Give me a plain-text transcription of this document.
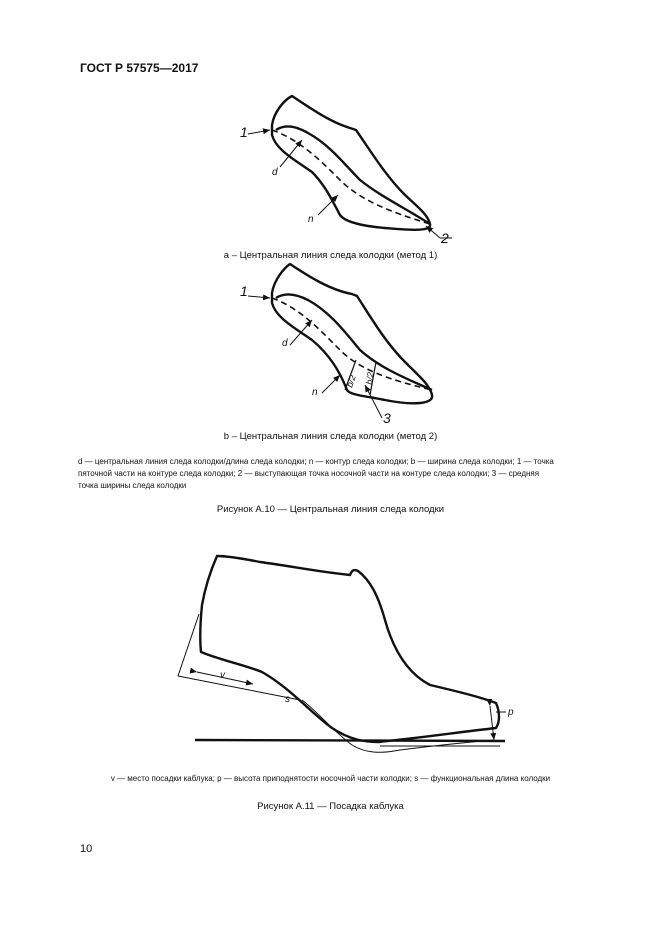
ГОСТ Р 57575—2017
1
d
n
2
1
d
n
b/2 b/2
3
v
s
p
a – Центральная линия следа колодки (метод 1)
b – Центральная линия следа колодки (метод 2)
d — центральная линия следа колодки/длина следа колодки; n — контур следа колодки; b — ширина следа колодки; 1 — точка
пяточной части на контуре следа колодки; 2 — выступающая точка носочной части на контуре следа колодки; 3 — средняя
точка ширины следа колодки
Рисунок А.10 — Центральная линия следа колодки
v — место посадки каблука; p — высота приподнятости носочной части колодки; s — функциональная длина колодки
Рисунок А.11 — Посадка каблука
10
